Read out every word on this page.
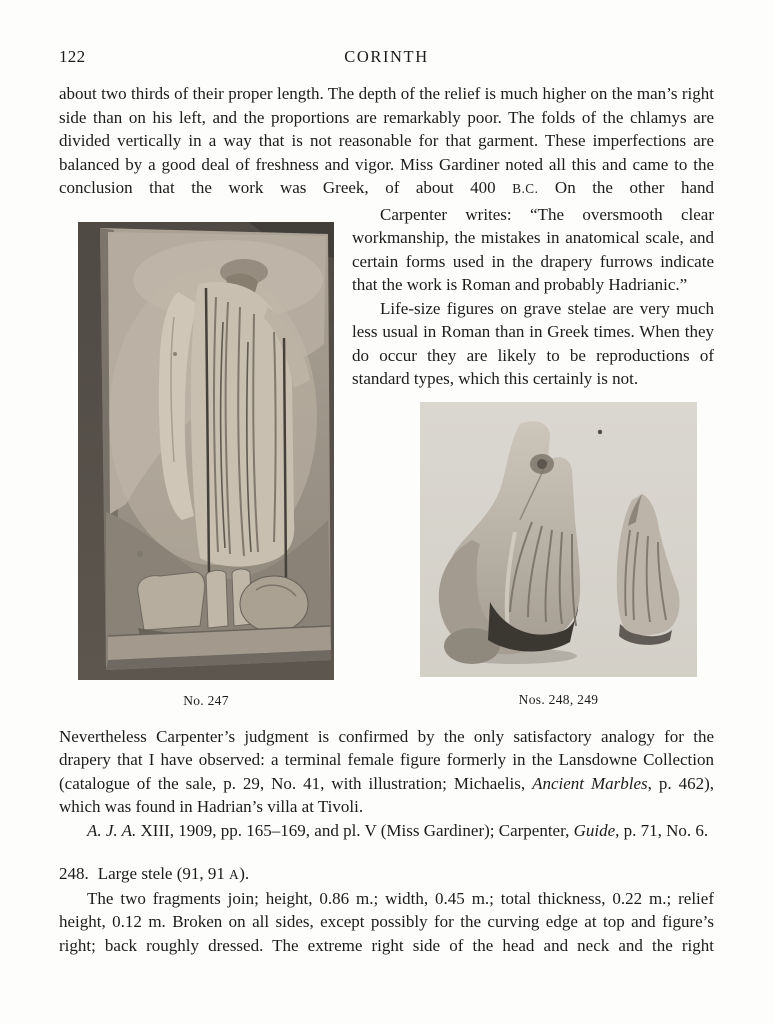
122	CORINTH

about two thirds of their proper length. The depth of the relief is much higher on the man’s right side than on his left, and the proportions are remarkably poor. The folds of the chlamys are divided vertically in a way that is not reasonable for that garment. These imperfections are balanced by a good deal of freshness and vigor. Miss Gardiner noted all this and came to the conclusion that the work was Greek, of about 400 B.C. On the other hand

No. 247

Carpenter writes: “The oversmooth clear workmanship, the mistakes in anatomical scale, and certain forms used in the drapery furrows indicate that the work is Roman and probably Hadrianic.”

Life-size figures on grave stelae are very much less usual in Roman than in Greek times. When they do occur they are likely to be reproductions of standard types, which this certainly is not.

Nos. 248, 249

Nevertheless Carpenter’s judgment is confirmed by the only satisfactory analogy for the drapery that I have observed: a terminal female figure formerly in the Lansdowne Collection (catalogue of the sale, p. 29, No. 41, with illustration; Michaelis, Ancient Marbles, p. 462), which was found in Hadrian’s villa at Tivoli.

A. J. A. XIII, 1909, pp. 165–169, and pl. V (Miss Gardiner); Carpenter, Guide, p. 71, No. 6.

248. Large stele (91, 91 A).

The two fragments join; height, 0.86 m.; width, 0.45 m.; total thickness, 0.22 m.; relief height, 0.12 m. Broken on all sides, except possibly for the curving edge at top and figure’s right; back roughly dressed. The extreme right side of the head and neck and the right
